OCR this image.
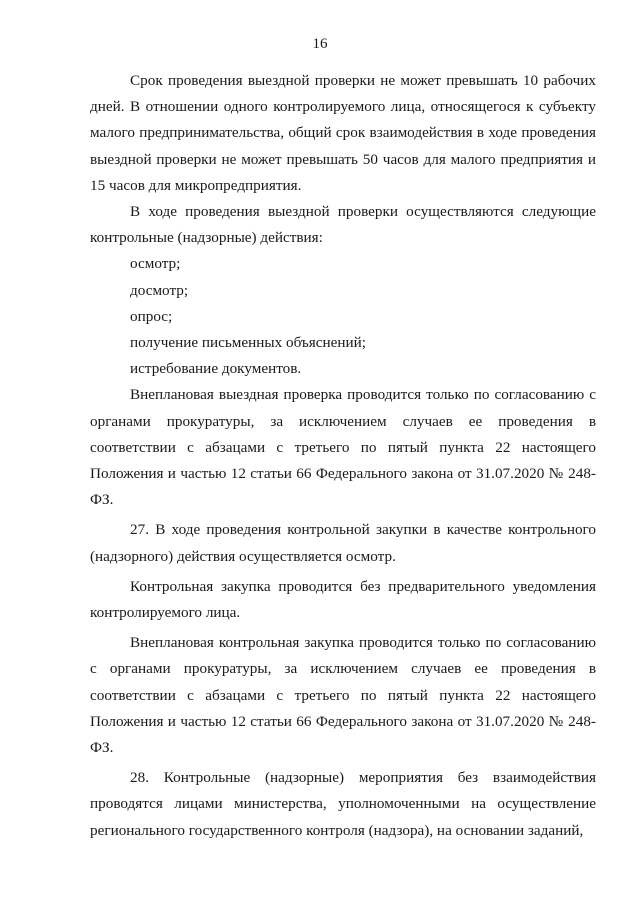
16

Срок проведения выездной проверки не может превышать 10 рабочих дней. В отношении одного контролируемого лица, относящегося к субъекту малого предпринимательства, общий срок взаимодействия в ходе проведения выездной проверки не может превышать 50 часов для малого предприятия и 15 часов для микропредприятия.

В ходе проведения выездной проверки осуществляются следующие контрольные (надзорные) действия:

осмотр;

досмотр;

опрос;

получение письменных объяснений;

истребование документов.

Внеплановая выездная проверка проводится только по согласованию с органами прокуратуры, за исключением случаев ее проведения в соответствии с абзацами с третьего по пятый пункта 22 настоящего Положения и частью 12 статьи 66 Федерального закона от 31.07.2020 № 248-ФЗ.

27. В ходе проведения контрольной закупки в качестве контрольного (надзорного) действия осуществляется осмотр.

Контрольная закупка проводится без предварительного уведомления контролируемого лица.

Внеплановая контрольная закупка проводится только по согласованию с органами прокуратуры, за исключением случаев ее проведения в соответствии с абзацами с третьего по пятый пункта 22 настоящего Положения и частью 12 статьи 66 Федерального закона от 31.07.2020 № 248-ФЗ.

28. Контрольные (надзорные) мероприятия без взаимодействия проводятся лицами министерства, уполномоченными на осуществление регионального государственного контроля (надзора), на основании заданий,
